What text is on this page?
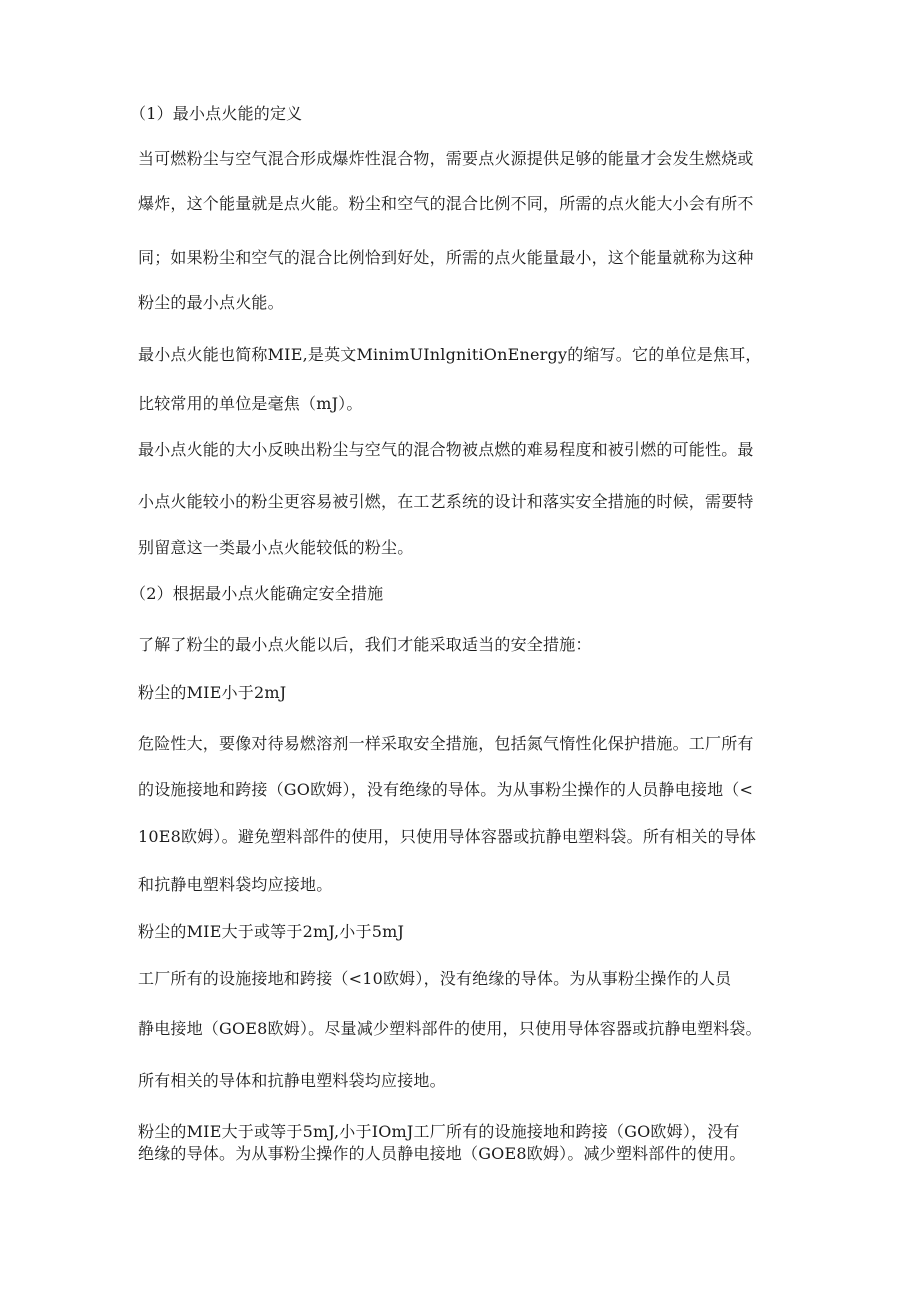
（1）最小点火能的定义
当可燃粉尘与空气混合形成爆炸性混合物，需要点火源提供足够的能量才会发生燃烧或
爆炸，这个能量就是点火能。粉尘和空气的混合比例不同，所需的点火能大小会有所不
同；如果粉尘和空气的混合比例恰到好处，所需的点火能量最小，这个能量就称为这种
粉尘的最小点火能。
最小点火能也简称MIE,是英文MinimUInlgnitiOnEnergy的缩写。它的单位是焦耳，
比较常用的单位是毫焦（mJ）。
最小点火能的大小反映出粉尘与空气的混合物被点燃的难易程度和被引燃的可能性。最
小点火能较小的粉尘更容易被引燃，在工艺系统的设计和落实安全措施的时候，需要特
别留意这一类最小点火能较低的粉尘。
（2）根据最小点火能确定安全措施
了解了粉尘的最小点火能以后，我们才能采取适当的安全措施：
粉尘的MIE小于2mJ
危险性大，要像对待易燃溶剂一样采取安全措施，包括氮气惰性化保护措施。工厂所有
的设施接地和跨接（GO欧姆），没有绝缘的导体。为从事粉尘操作的人员静电接地（<
10E8欧姆）。避免塑料部件的使用，只使用导体容器或抗静电塑料袋。所有相关的导体
和抗静电塑料袋均应接地。
粉尘的MIE大于或等于2mJ,小于5mJ
工厂所有的设施接地和跨接（<10欧姆），没有绝缘的导体。为从事粉尘操作的人员
静电接地（GOE8欧姆）。尽量减少塑料部件的使用，只使用导体容器或抗静电塑料袋。
所有相关的导体和抗静电塑料袋均应接地。
粉尘的MIE大于或等于5mJ,小于IOmJ工厂所有的设施接地和跨接（GO欧姆），没有
绝缘的导体。为从事粉尘操作的人员静电接地（GOE8欧姆）。减少塑料部件的使用。
